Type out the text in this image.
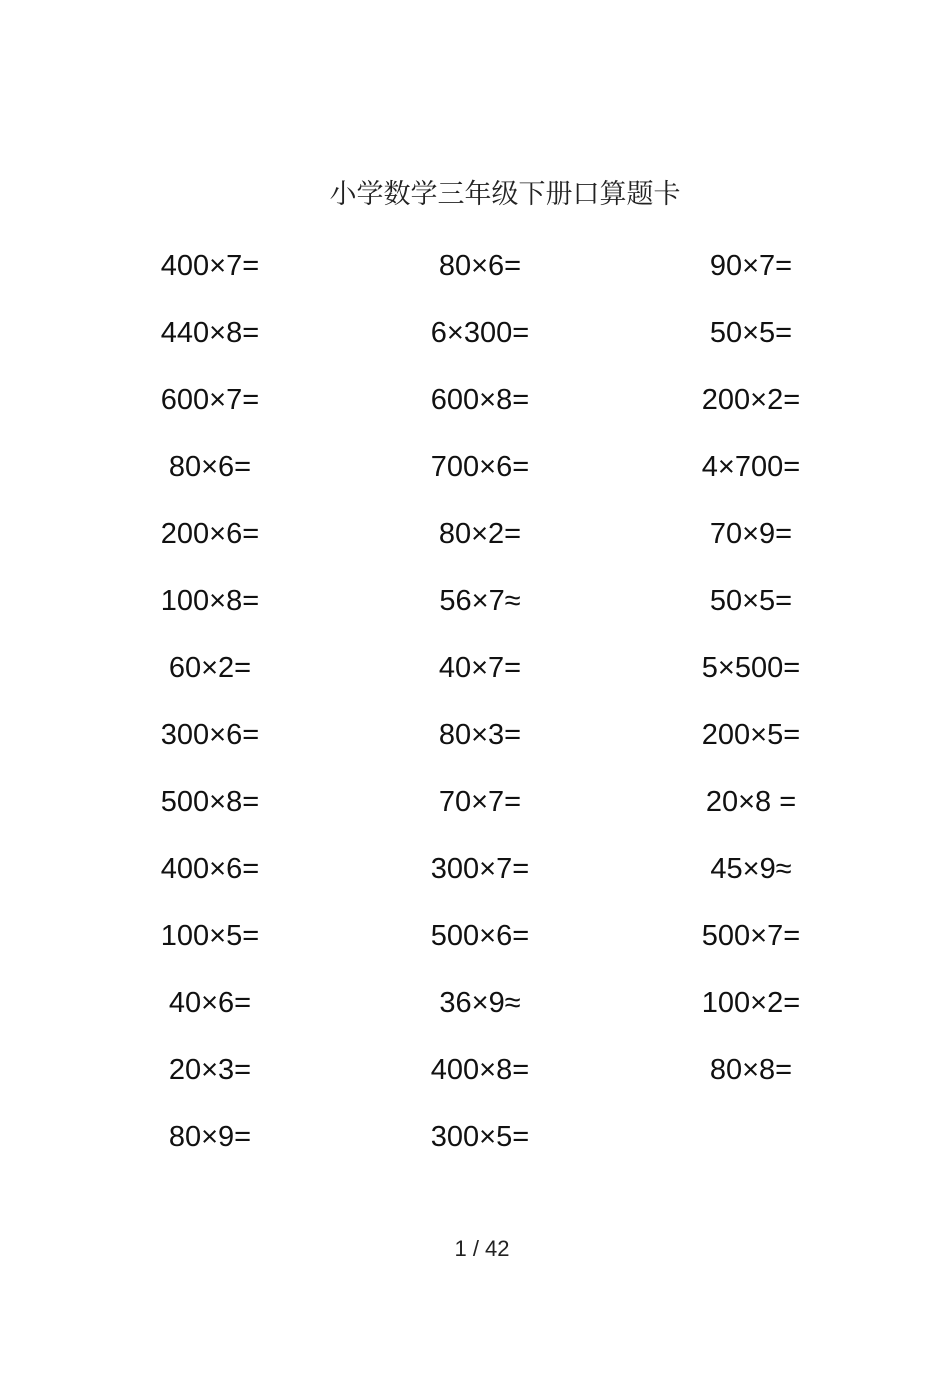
小学数学三年级下册口算题卡
400×7=
440×8=
600×7=
80×6=
200×6=
100×8=
60×2=
300×6=
500×8=
400×6=
100×5=
40×6=
20×3=
80×9=
80×6=
6×300=
600×8=
700×6=
80×2=
56×7≈
40×7=
80×3=
70×7=
300×7=
500×6=
36×9≈
400×8=
300×5=
90×7=
50×5=
200×2=
4×700=
70×9=
50×5=
5×500=
200×5=
20×8 =
45×9≈
500×7=
100×2=
80×8=
1 / 42
